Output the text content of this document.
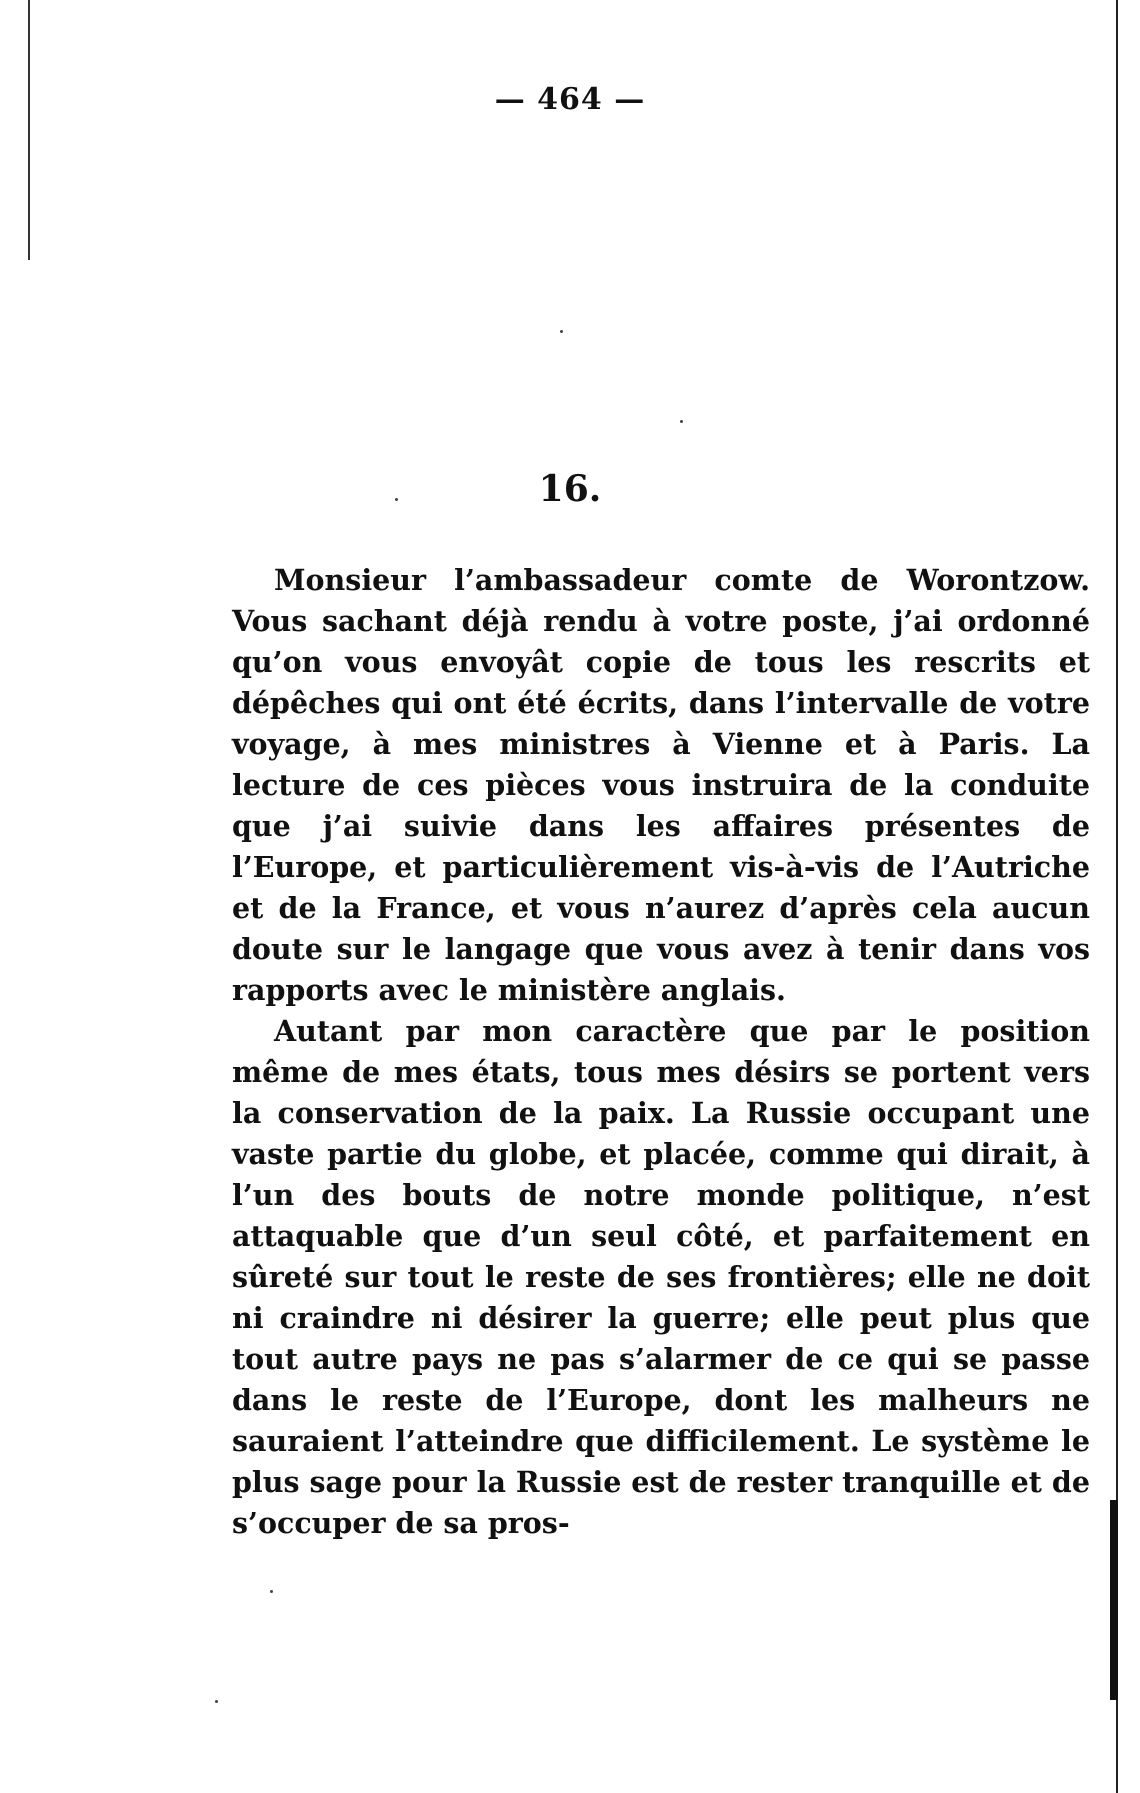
— 464 —
16.

Monsieur l’ambassadeur comte de Worontzow. Vous sachant déjà rendu à votre poste, j’ai ordonné qu’on vous envoyât copie de tous les rescrits et dépêches qui ont été écrits, dans l’intervalle de votre voyage, à mes ministres à Vienne et à Paris. La lecture de ces pièces vous instruira de la conduite que j’ai suivie dans les affaires présentes de l’Europe, et particulièrement vis-à-vis de l’Autriche et de la France, et vous n’aurez d’après cela aucun doute sur le langage que vous avez à tenir dans vos rapports avec le ministère anglais.

Autant par mon caractère que par le position même de mes états, tous mes désirs se portent vers la conservation de la paix. La Russie occupant une vaste partie du globe, et placée, comme qui dirait, à l’un des bouts de notre monde politique, n’est attaquable que d’un seul côté, et parfaitement en sûreté sur tout le reste de ses frontières; elle ne doit ni craindre ni désirer la guerre; elle peut plus que tout autre pays ne pas s’alarmer de ce qui se passe dans le reste de l’Europe, dont les malheurs ne sauraient l’atteindre que difficilement. Le système le plus sage pour la Russie est de rester tranquille et de s’occuper de sa pros-
